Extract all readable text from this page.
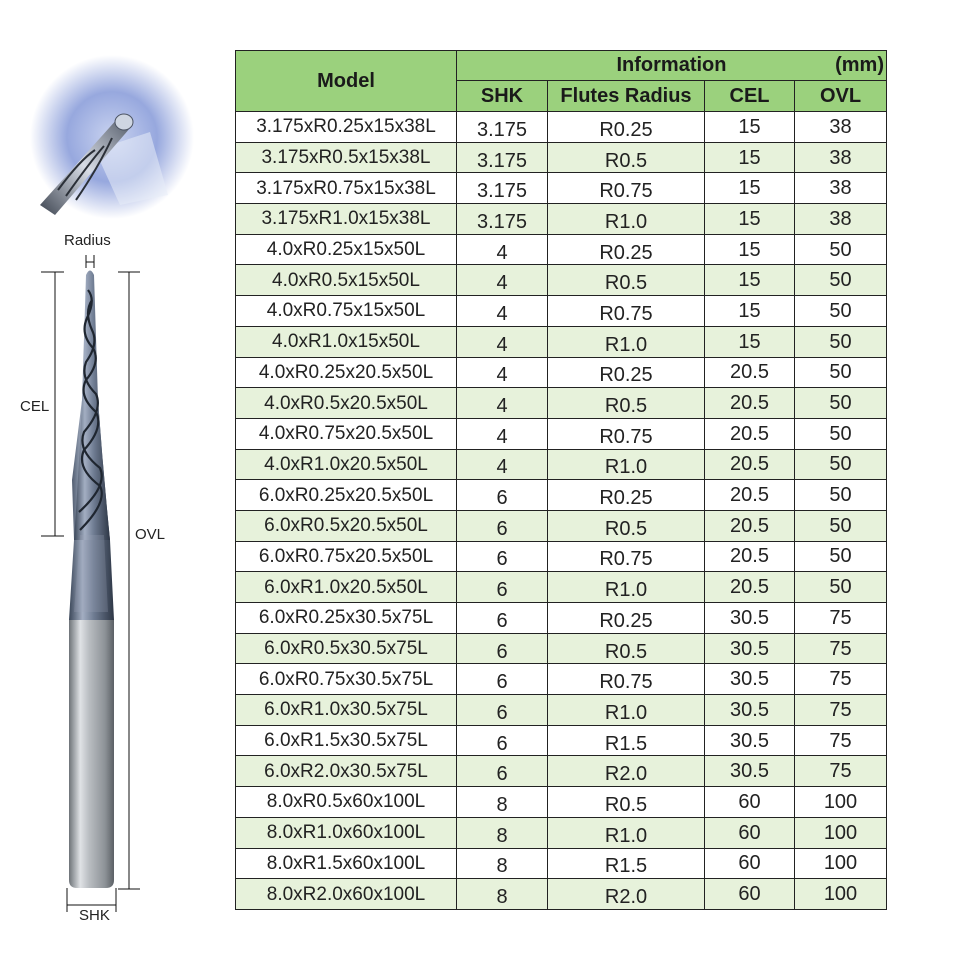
Radius
CEL
OVL
SHK
Model	Information (mm)			

	SHK	Flutes Radius	CEL	OVL
3.175xR0.25x15x38L	3.175	R0.25	15	38
3.175xR0.5x15x38L	3.175	R0.5	15	38
3.175xR0.75x15x38L	3.175	R0.75	15	38
3.175xR1.0x15x38L	3.175	R1.0	15	38
4.0xR0.25x15x50L	4	R0.25	15	50
4.0xR0.5x15x50L	4	R0.5	15	50
4.0xR0.75x15x50L	4	R0.75	15	50
4.0xR1.0x15x50L	4	R1.0	15	50
4.0xR0.25x20.5x50L	4	R0.25	20.5	50
4.0xR0.5x20.5x50L	4	R0.5	20.5	50
4.0xR0.75x20.5x50L	4	R0.75	20.5	50
4.0xR1.0x20.5x50L	4	R1.0	20.5	50
6.0xR0.25x20.5x50L	6	R0.25	20.5	50
6.0xR0.5x20.5x50L	6	R0.5	20.5	50
6.0xR0.75x20.5x50L	6	R0.75	20.5	50
6.0xR1.0x20.5x50L	6	R1.0	20.5	50
6.0xR0.25x30.5x75L	6	R0.25	30.5	75
6.0xR0.5x30.5x75L	6	R0.5	30.5	75
6.0xR0.75x30.5x75L	6	R0.75	30.5	75
6.0xR1.0x30.5x75L	6	R1.0	30.5	75
6.0xR1.5x30.5x75L	6	R1.5	30.5	75
6.0xR2.0x30.5x75L	6	R2.0	30.5	75
8.0xR0.5x60x100L	8	R0.5	60	100
8.0xR1.0x60x100L	8	R1.0	60	100
8.0xR1.5x60x100L	8	R1.5	60	100
8.0xR2.0x60x100L	8	R2.0	60	100
